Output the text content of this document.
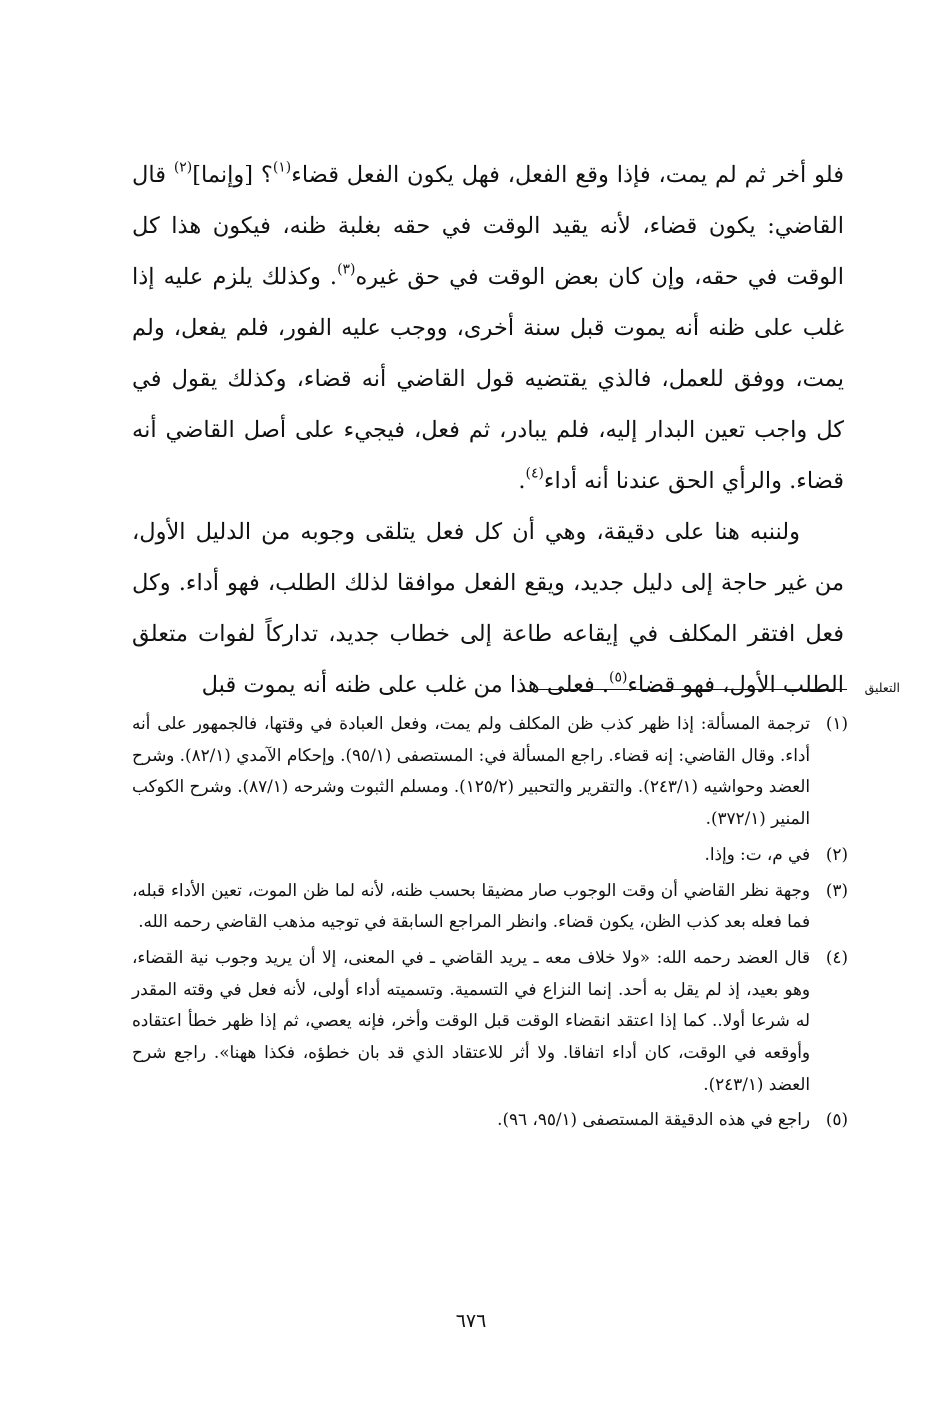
فلو أخر ثم لم يمت، فإذا وقع الفعل، فهل يكون الفعل قضاء$^{(١)}$؟ [وإنما]$^{(٢)}$ قال القاضي: يكون قضاء، لأنه يقيد الوقت في حقه بغلبة ظنه، فيكون هذا كل الوقت في حقه، وإن كان بعض الوقت في حق غيره$^{(٣)}$. وكذلك يلزم عليه إذا غلب على ظنه أنه يموت قبل سنة أخرى، ووجب عليه الفور، فلم يفعل، ولم يمت، ووفق للعمل، فالذي يقتضيه قول القاضي أنه قضاء، وكذلك يقول في كل واجب تعين البدار إليه، فلم يبادر، ثم فعل، فيجيء على أصل القاضي أنه قضاء. والرأي الحق عندنا أنه أداء$^{(٤)}$.

ولننبه هنا على دقيقة، وهي أن كل فعل يتلقى وجوبه من الدليل الأول، من غير حاجة إلى دليل جديد، ويقع الفعل موافقا لذلك الطلب، فهو أداء. وكل فعل افتقر المكلف في إيقاعه طاعة إلى خطاب جديد، تداركاً لفوات متعلق الطلب الأول، فهو قضاء$^{(٥)}$. فعلى هذا من غلب على ظنه أنه يموت قبل	التعليق
(١)
ترجمة المسألة: إذا ظهر كذب ظن المكلف ولم يمت، وفعل العبادة في وقتها، فالجمهور على أنه أداء. وقال القاضي: إنه قضاء. راجع المسألة في: المستصفى (٩٥/١). وإحكام الآمدي (٨٢/١). وشرح العضد وحواشيه (٢٤٣/١). والتقرير والتحبير (١٢٥/٢). ومسلم الثبوت وشرحه (٨٧/١). وشرح الكوكب المنير (٣٧٢/١).
(٢)
في م، ت: وإذا.
(٣)
وجهة نظر القاضي أن وقت الوجوب صار مضيقا بحسب ظنه، لأنه لما ظن الموت، تعين الأداء قبله، فما فعله بعد كذب الظن، يكون قضاء. وانظر المراجع السابقة في توجيه مذهب القاضي رحمه الله.
(٤)
قال العضد رحمه الله: «ولا خلاف معه ـ يريد القاضي ـ في المعنى، إلا أن يريد وجوب نية القضاء، وهو بعيد، إذ لم يقل به أحد. إنما النزاع في التسمية. وتسميته أداء أولى، لأنه فعل في وقته المقدر له شرعا أولا.. كما إذا اعتقد انقضاء الوقت قبل الوقت وأخر، فإنه يعصي، ثم إذا ظهر خطأ اعتقاده وأوقعه في الوقت، كان أداء اتفاقا. ولا أثر للاعتقاد الذي قد بان خطؤه، فكذا ههنا». راجع شرح العضد (٢٤٣/١).
(٥)
راجع في هذه الدقيقة المستصفى (٩٥/١، ٩٦).
٦٧٦
